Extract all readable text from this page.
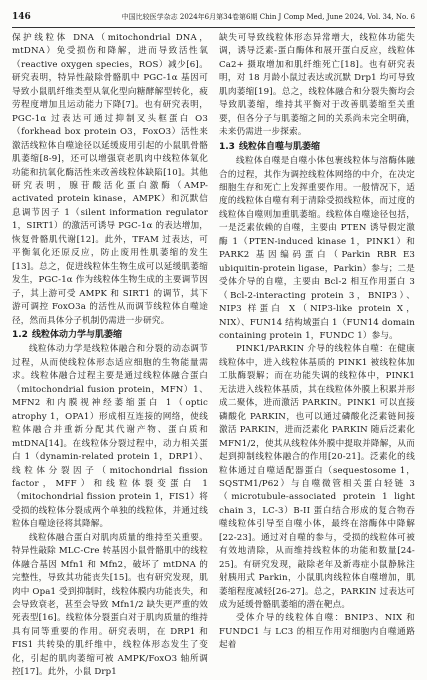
146	中国比较医学杂志 2024年6月第34卷第6期 Chin J Comp Med, June 2024, Vol. 34, No. 6

保护线粒体 DNA（mitochondrial DNA，mtDNA）免受损伤和降解，进而导致活性氧（reactive oxygen species，ROS）减少[6]。研究表明，特异性敲除骨骼肌中 PGC-1α 基因可导致小鼠肌纤维类型从氧化型向糖酵解型转化，疲劳程度增加且运动能力下降[7]。也有研究表明，PGC-1α 过表达可通过抑制叉头框蛋白 O3（forkhead box protein O3，FoxO3）活性来激活线粒体自噬途径以延缓废用引起的小鼠肌骨骼肌萎缩[8-9]，还可以增强衰老肌肉中线粒体氧化功能和抗氧化酶活性来改善线粒体缺陷[10]。其他研究表明，腺苷酸活化蛋白激酶（AMP-activated protein kinase，AMPK）和沉默信息调节因子 1（silent information regulator 1，SIRT1）的激活可诱导 PGC-1α 的表达增加，恢复骨骼肌代谢[12]。此外，TFAM 过表达，可平衡氧化还原反应，防止废用性肌萎缩的发生[13]。总之，促进线粒体生物生成可以延缓肌萎缩发生，PGC-1α 作为线粒体生物生成的主要调节因子，其上游可受 AMPK 和 SIRT1 的调节，其下游可调控 FoxO3a 的活性从而调节线粒体自噬途径，然而具体分子机制仍需进一步研究。

1.2 线粒体动力学与肌萎缩

线粒体动力学是线粒体融合和分裂的动态调节过程，从而使线粒体形态适应细胞的生物能量需求。线粒体融合过程主要是通过线粒体融合蛋白（mitochondrial fusion protein，MFN）1、MFN2 和内膜视神经萎缩蛋白 1（optic atrophy 1，OPA1）形成相互连接的网络，使线粒体融合并重新分配其代谢产物、蛋白质和 mtDNA[14]。在线粒体分裂过程中，动力相关蛋白 1（dynamin-related protein 1，DRP1）、线粒体分裂因子（mitochondrial fission factor，MFF）和线粒体裂变蛋白 1（mitochondrial fission protein 1，FIS1）将受损的线粒体分裂成两个单独的线粒体，并通过线粒体自噬途径将其降解。

线粒体融合蛋白对肌肉质量的维持至关重要。特异性敲除 MLC-Cre 转基因小鼠骨骼肌中的线粒体融合基因 Mfn1 和 Mfn2，破坏了 mtDNA 的完整性，导致其功能丧失[15]。也有研究发现，肌肉中 Opa1 受到抑制时，线粒体膜内功能丧失，和会导致衰老，甚至会导致 Mfn1/2 缺失更严重的效死表型[16]。线粒体分裂蛋白对于肌肉质量的维持具有同等重要的作用。研究表明，在 DRP1 和 FIS1 共转染的肌纤维中，线粒体形态发生了变化，引起的肌肉萎缩可被 AMPK/FoxO3 轴所调控[17]。此外，小鼠 Drp1

缺失可导致线粒体形态异常增大，线粒体功能失调，诱导泛素-蛋白酶体和展开蛋白反应，线粒体 Ca2+ 摄取增加和肌纤维死亡[18]。也有研究表明，对 18 月龄小鼠过表达或沉默 Drp1 均可导致肌肉萎缩[19]。总之，线粒体融合和分裂失衡均会导致肌萎缩，维持其平衡对于改善肌萎缩至关重要，但各分子与肌萎缩之间的关系尚未完全明确，未来仍需进一步探索。

1.3 线粒体自噬与肌萎缩

线粒体自噬是自噬小体包裹线粒体与溶酶体融合的过程，其作为调控线粒体网络的中介，在决定细胞生存和死亡上发挥重要作用。一般情况下，适度的线粒体自噬有利于清除受损线粒体，而过度的线粒体自噬则加重肌萎缩。线粒体自噬途径包括，一是泛素依赖的自噬，主要由 PTEN 诱导假定激酶 1（PTEN-induced kinase 1，PINK1）和 PARK2 基因编码蛋白（Parkin RBR E3 ubiquitin-protein ligase，Parkin）参与；二是受体介导的自噬，主要由 Bcl-2 相互作用蛋白 3（Bcl-2-interacting protein 3，BNIP3）、NIP3 样蛋白 X（NIP3-like protein X，NIX）、FUN14 结构域蛋白 1（FUN14 domain containing protein 1，FUNDC 1）参与。

PINK1/PARKIN 介导的线粒体自噬：在健康线粒体中，进入线粒体基质的 PINK1 被线粒体加工肽酶裂解；而在功能失调的线粒体中，PINK1 无法进入线粒体基质，其在线粒体外膜上积累并形成二聚体，进而激活 PARKIN。PINK1 可以直接磷酸化 PARKIN，也可以通过磷酸化泛素链间接激活 PARKIN，进而泛素化 PARKIN 随后泛素化 MFN1/2，使其从线粒体外膜中提取并降解，从而起到抑制线粒体融合的作用[20-21]。泛素化的线粒体通过自噬适配器蛋白（sequestosome 1，SQSTM1/P62）与自噬微管相关蛋白轻链 3（microtubule-associated protein 1 light chain 3，LC-3）B-II 蛋白结合形成的复合物吞噬线粒体引导至自噬小体，最终在溶酶体中降解[22-23]。通过对自噬的参与，受损的线粒体可被有效地清除，从而维持线粒体的功能和数量[24-25]。有研究发现，敲除老年及新毒症小鼠静脉注射胰用式 Parkin，小鼠肌肉线粒体自噬增加，肌萎缩程度减轻[26-27]。总之，PARKIN 过表达可成为延缓骨骼肌萎缩的潜在靶点。

受体介导的线粒体自噬：BNIP3、NIX 和 FUNDC1 与 LC3 的相互作用对细胞内自噬通路起着
